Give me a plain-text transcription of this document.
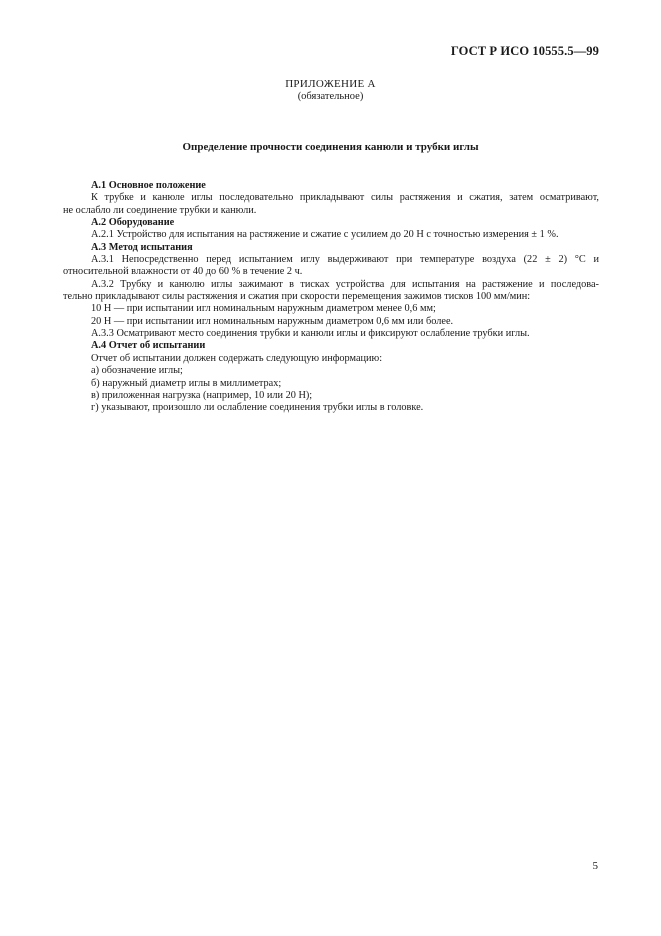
ГОСТ Р ИСО 10555.5—99
ПРИЛОЖЕНИЕ А
(обязательное)
Определение прочности соединения канюли и трубки иглы

А.1 Основное положение

К трубке и канюле иглы последовательно прикладывают силы растяжения и сжатия, затем осматривают,

не ослабло ли соединение трубки и канюли.

А.2 Оборудование

А.2.1 Устройство для испытания на растяжение и сжатие с усилием до 20 Н с точностью измерения ± 1 %.

А.3 Метод испытания

А.3.1 Непосредственно перед испытанием иглу выдерживают при температуре воздуха (22 ± 2) °С и

относительной влажности от 40 до 60 % в течение 2 ч.

А.3.2 Трубку и канюлю иглы зажимают в тисках устройства для испытания на растяжение и последова-

тельно прикладывают силы растяжения и сжатия при скорости перемещения зажимов тисков 100 мм/мин:

10 Н — при испытании игл номинальным наружным диаметром менее 0,6 мм;

20 Н — при испытании игл номинальным наружным диаметром 0,6 мм или более.

А.3.3 Осматривают место соединения трубки и канюли иглы и фиксируют ослабление трубки иглы.

А.4 Отчет об испытании

Отчет об испытании должен содержать следующую информацию:

а) обозначение иглы;

б) наружный диаметр иглы в миллиметрах;

в) приложенная нагрузка (например, 10 или 20 Н);

г) указывают, произошло ли ослабление соединения трубки иглы в головке.

5
